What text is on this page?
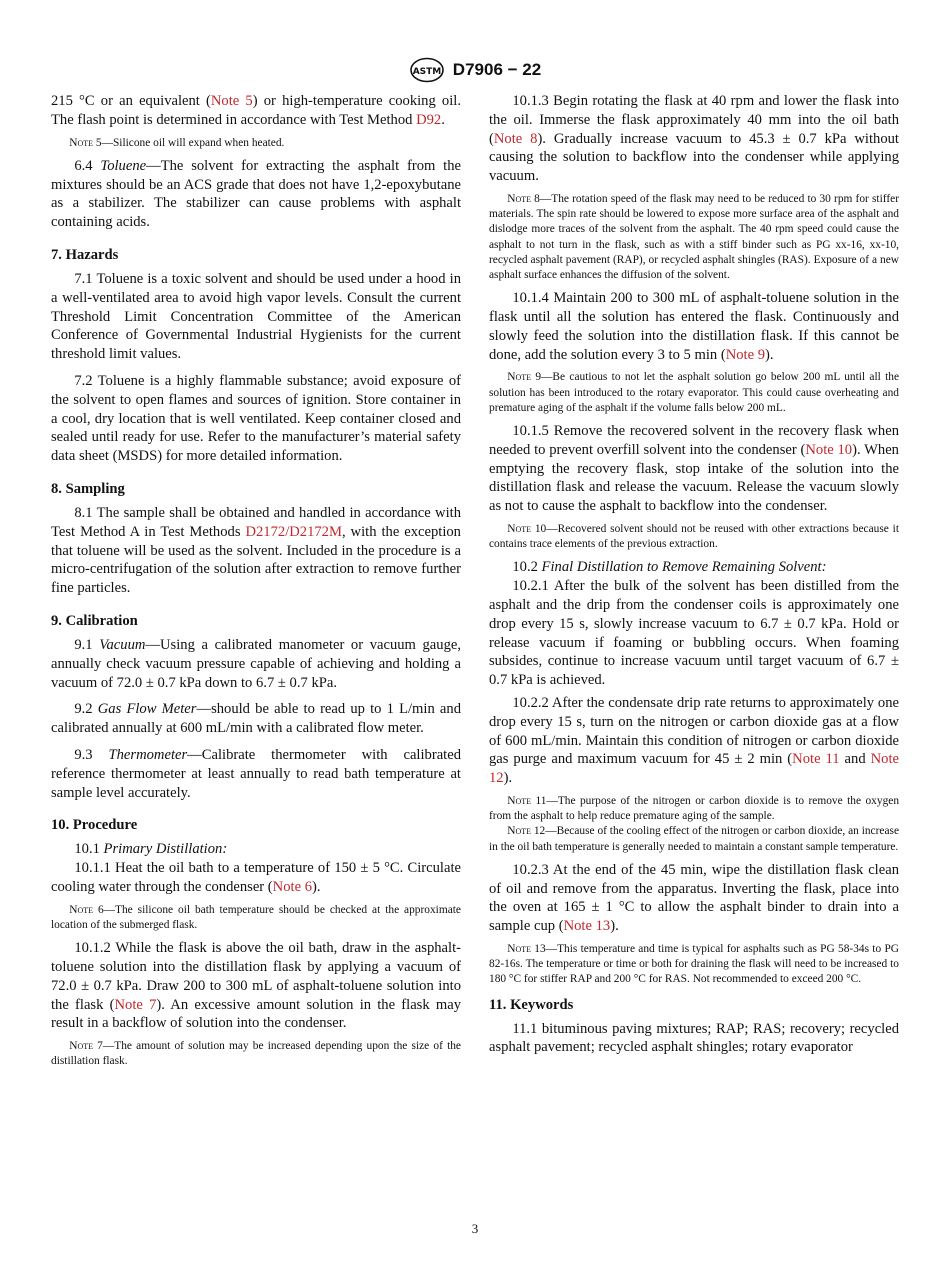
ASTM D7906 − 22

215 °C or an equivalent (Note 5) or high-temperature cooking oil. The flash point is determined in accordance with Test Method D92.

Note 5—Silicone oil will expand when heated.

6.4 Toluene—The solvent for extracting the asphalt from the mixtures should be an ACS grade that does not have 1,2-epoxybutane as a stabilizer. The stabilizer can cause problems with asphalt containing acids.

7. Hazards

7.1 Toluene is a toxic solvent and should be used under a hood in a well-ventilated area to avoid high vapor levels. Consult the current Threshold Limit Concentration Committee of the American Conference of Governmental Industrial Hygienists for the current threshold limit values.

7.2 Toluene is a highly flammable substance; avoid exposure of the solvent to open flames and sources of ignition. Store container in a cool, dry location that is well ventilated. Keep container closed and sealed until ready for use. Refer to the manufacturer’s material safety data sheet (MSDS) for more detailed information.

8. Sampling

8.1 The sample shall be obtained and handled in accordance with Test Method A in Test Methods D2172/D2172M, with the exception that toluene will be used as the solvent. Included in the procedure is a micro-centrifugation of the solution after extraction to remove further fine particles.

9. Calibration

9.1 Vacuum—Using a calibrated manometer or vacuum gauge, annually check vacuum pressure capable of achieving and holding a vacuum of 72.0 ± 0.7 kPa down to 6.7 ± 0.7 kPa.

9.2 Gas Flow Meter—should be able to read up to 1 L/min and calibrated annually at 600 mL/min with a calibrated flow meter.

9.3 Thermometer—Calibrate thermometer with calibrated reference thermometer at least annually to read bath temperature at sample level accurately.

10. Procedure

10.1 Primary Distillation:

10.1.1 Heat the oil bath to a temperature of 150 ± 5 °C. Circulate cooling water through the condenser (Note 6).

Note 6—The silicone oil bath temperature should be checked at the approximate location of the submerged flask.

10.1.2 While the flask is above the oil bath, draw in the asphalt-toluene solution into the distillation flask by applying a vacuum of 72.0 ± 0.7 kPa. Draw 200 to 300 mL of asphalt-toluene solution into the flask (Note 7). An excessive amount solution in the flask may result in a backflow of solution into the condenser.

Note 7—The amount of solution may be increased depending upon the size of the distillation flask.

10.1.3 Begin rotating the flask at 40 rpm and lower the flask into the oil. Immerse the flask approximately 40 mm into the oil bath (Note 8). Gradually increase vacuum to 45.3 ± 0.7 kPa without causing the solution to backflow into the condenser while applying vacuum.

Note 8—The rotation speed of the flask may need to be reduced to 30 rpm for stiffer materials. The spin rate should be lowered to expose more surface area of the asphalt and dislodge more traces of the solvent from the asphalt. The 40 rpm speed could cause the asphalt to not turn in the flask, such as with a stiff binder such as PG xx-16, xx-10, recycled asphalt pavement (RAP), or recycled asphalt shingles (RAS). Exposure of a new asphalt surface enhances the diffusion of the solvent.

10.1.4 Maintain 200 to 300 mL of asphalt-toluene solution in the flask until all the solution has entered the flask. Continuously and slowly feed the solution into the distillation flask. If this cannot be done, add the solution every 3 to 5 min (Note 9).

Note 9—Be cautious to not let the asphalt solution go below 200 mL until all the solution has been introduced to the rotary evaporator. This could cause overheating and premature aging of the asphalt if the volume falls below 200 mL.

10.1.5 Remove the recovered solvent in the recovery flask when needed to prevent overfill solvent into the condenser (Note 10). When emptying the recovery flask, stop intake of the solution into the distillation flask and release the vacuum. Release the vacuum slowly as not to cause the asphalt to backflow into the condenser.

Note 10—Recovered solvent should not be reused with other extractions because it contains trace elements of the previous extraction.

10.2 Final Distillation to Remove Remaining Solvent:

10.2.1 After the bulk of the solvent has been distilled from the asphalt and the drip from the condenser coils is approximately one drop every 15 s, slowly increase vacuum to 6.7 ± 0.7 kPa. Hold or release vacuum if foaming or bubbling occurs. When foaming subsides, continue to increase vacuum until target vacuum of 6.7 ± 0.7 kPa is achieved.

10.2.2 After the condensate drip rate returns to approximately one drop every 15 s, turn on the nitrogen or carbon dioxide gas at a flow of 600 mL/min. Maintain this condition of nitrogen or carbon dioxide gas purge and maximum vacuum for 45 ± 2 min (Note 11 and Note 12).

Note 11—The purpose of the nitrogen or carbon dioxide is to remove the oxygen from the asphalt to help reduce premature aging of the sample.
Note 12—Because of the cooling effect of the nitrogen or carbon dioxide, an increase in the oil bath temperature is generally needed to maintain a constant sample temperature.

10.2.3 At the end of the 45 min, wipe the distillation flask clean of oil and remove from the apparatus. Inverting the flask, place into the oven at 165 ± 1 °C to allow the asphalt binder to drain into a sample cup (Note 13).

Note 13—This temperature and time is typical for asphalts such as PG 58-34s to PG 82-16s. The temperature or time or both for draining the flask will need to be increased to 180 °C for stiffer RAP and 200 °C for RAS. Not recommended to exceed 200 °C.
11. Keywords

11.1 bituminous paving mixtures; RAP; RAS; recovery; recycled asphalt pavement; recycled asphalt shingles; rotary evaporator

3
